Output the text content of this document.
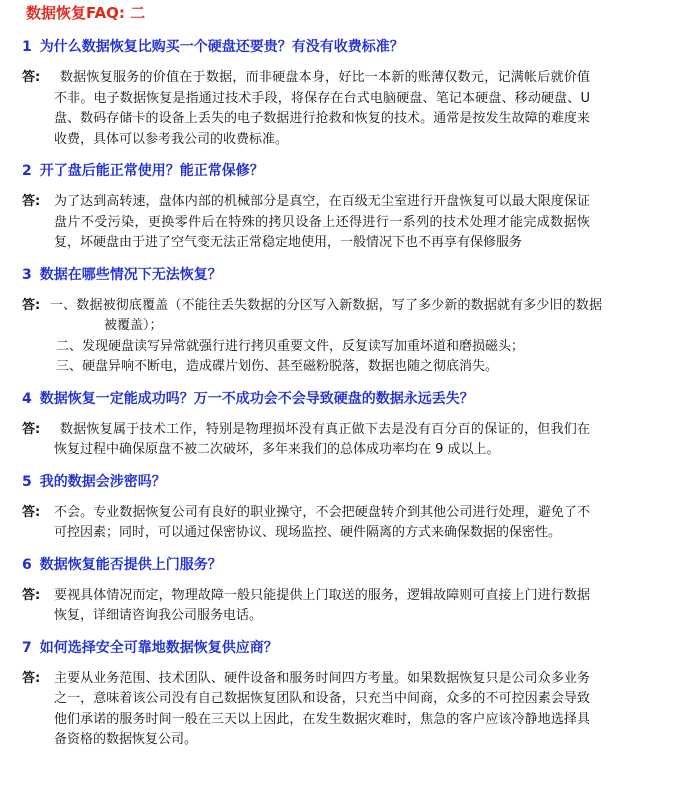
数据恢复FAQ: 二
1 为什么数据恢复比购买一个硬盘还要贵？有没有收费标准？
答:	数据恢复服务的价值在于数据，而非硬盘本身，好比一本新的账薄仅数元，记满帐后就价值不非。电子数据恢复是指通过技术手段，将保存在台式电脑硬盘、笔记本硬盘、移动硬盘、U 盘、数码存储卡的设备上丢失的电子数据进行抢救和恢复的技术。通常是按发生故障的难度来收费，具体可以参考我公司的收费标准。
2 开了盘后能正常使用？能正常保修？
答:	为了达到高转速，盘体内部的机械部分是真空，在百级无尘室进行开盘恢复可以最大限度保证盘片不受污染，更换零件后在特殊的拷贝设备上还得进行一系列的技术处理才能完成数据恢复，坏硬盘由于进了空气变无法正常稳定地使用，一般情况下也不再享有保修服务
3 数据在哪些情况下无法恢复？
答: 一、数据被彻底覆盖（不能往丢失数据的分区写入新数据，写了多少新的数据就有多少旧的数据被覆盖）；
二、发现硬盘读写异常就强行进行拷贝重要文件，反复读写加重坏道和磨损磁头；
三、硬盘异响不断电，造成碟片划伤、甚至磁粉脱落，数据也随之彻底消失。
4 数据恢复一定能成功吗？万一不成功会不会导致硬盘的数据永远丢失？
答:	数据恢复属于技术工作，特别是物理损坏没有真正做下去是没有百分百的保证的，但我们在恢复过程中确保原盘不被二次破坏，多年来我们的总体成功率均在 9 成以上。
5 我的数据会涉密吗？
答:	不会。专业数据恢复公司有良好的职业操守，不会把硬盘转介到其他公司进行处理，避免了不可控因素；同时，可以通过保密协议、现场监控、硬件隔离的方式来确保数据的保密性。
6 数据恢复能否提供上门服务？
答:	要视具体情况而定，物理故障一般只能提供上门取送的服务，逻辑故障则可直接上门进行数据恢复，详细请咨询我公司服务电话。
7 如何选择安全可靠地数据恢复供应商？
答:	主要从业务范围、技术团队、硬件设备和服务时间四方考量。如果数据恢复只是公司众多业务之一，意味着该公司没有自己数据恢复团队和设备，只充当中间商，众多的不可控因素会导致他们承诺的服务时间一般在三天以上因此，在发生数据灾难时，焦急的客户应该冷静地选择具备资格的数据恢复公司。
